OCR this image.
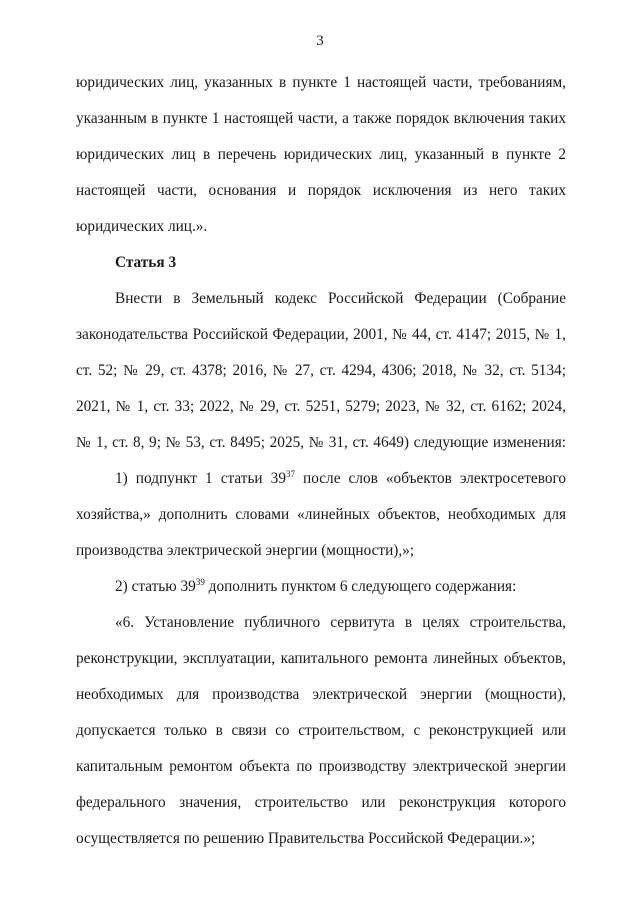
3
юридических лиц, указанных в пункте 1 настоящей части, требованиям,
указанным в пункте 1 настоящей части, а также порядок включения таких
юридических лиц в перечень юридических лиц, указанный в пункте 2
настоящей части, основания и порядок исключения из него таких
юридических лиц.».
Статья 3
Внести в Земельный кодекс Российской Федерации (Собрание
законодательства Российской Федерации, 2001, № 44, ст. 4147; 2015, № 1,
ст. 52; № 29, ст. 4378; 2016, № 27, ст. 4294, 4306; 2018, № 32, ст. 5134;
2021, № 1, ст. 33; 2022, № 29, ст. 5251, 5279; 2023, № 32, ст. 6162; 2024,
№ 1, ст. 8, 9; № 53, ст. 8495; 2025, № 31, ст. 4649) следующие изменения:
1) подпункт 1 статьи $39^{37}$ после слов «объектов электросетевого
хозяйства,» дополнить словами «линейных объектов, необходимых для
производства электрической энергии (мощности),»;
2) статью $39^{39}$ дополнить пунктом 6 следующего содержания:
«6. Установление публичного сервитута в целях строительства,
реконструкции, эксплуатации, капитального ремонта линейных объектов,
необходимых для производства электрической энергии (мощности),
допускается только в связи со строительством, с реконструкцией или
капитальным ремонтом объекта по производству электрической энергии
федерального значения, строительство или реконструкция которого
осуществляется по решению Правительства Российской Федерации.»;
